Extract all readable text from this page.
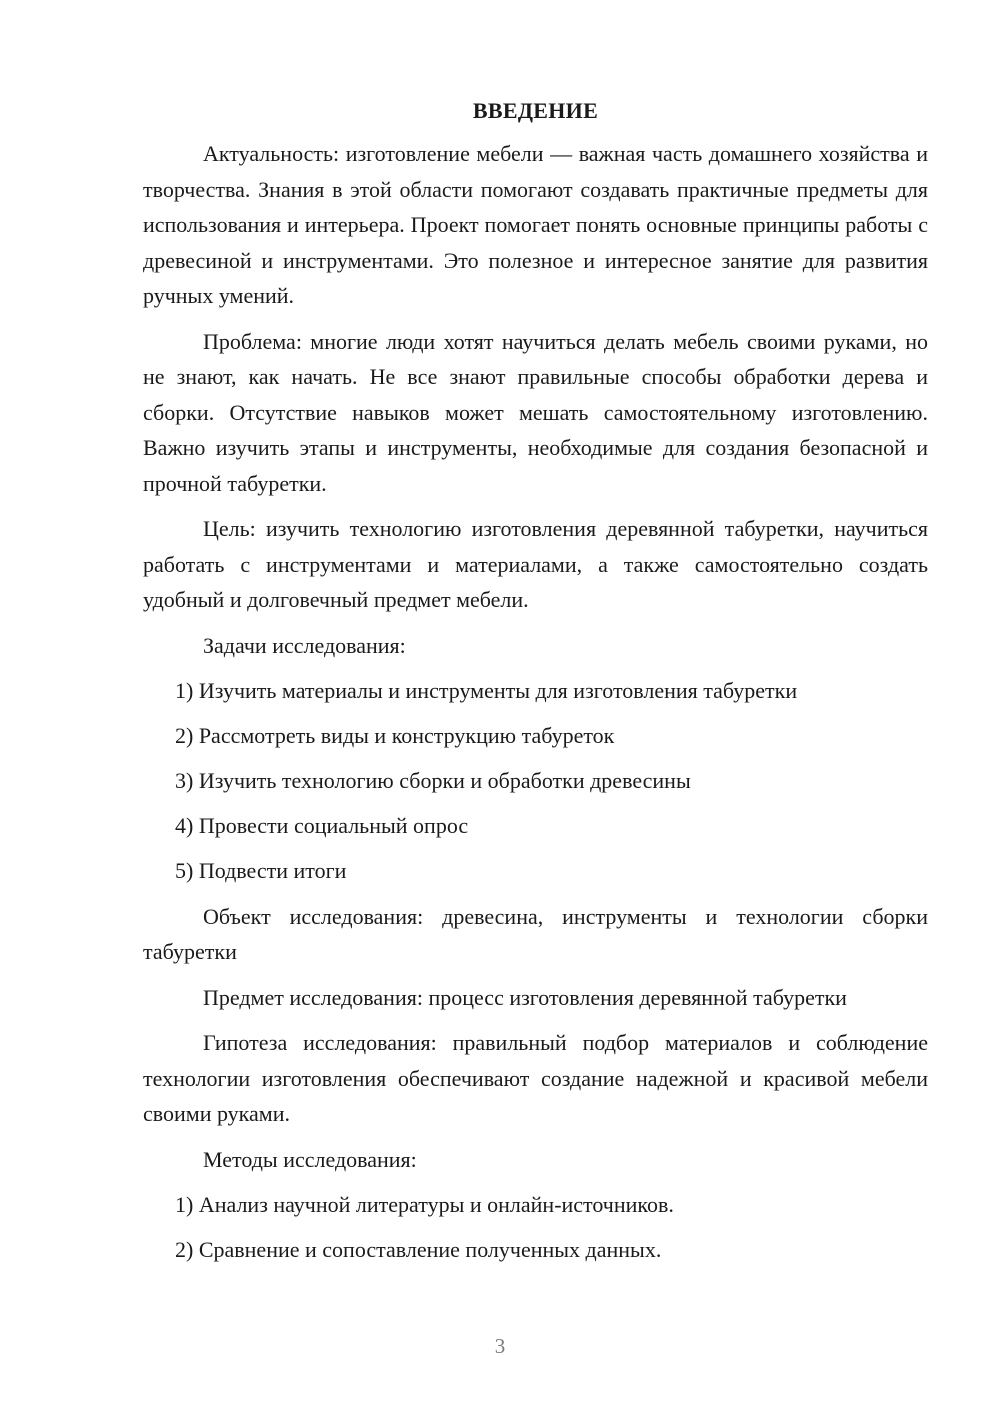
ВВЕДЕНИЕ

Актуальность: изготовление мебели — важная часть домашнего хозяйства и творчества. Знания в этой области помогают создавать практичные предметы для использования и интерьера. Проект помогает понять основные принципы работы с древесиной и инструментами. Это полезное и интересное занятие для развития ручных умений.

Проблема: многие люди хотят научиться делать мебель своими руками, но не знают, как начать. Не все знают правильные способы обработки дерева и сборки. Отсутствие навыков может мешать самостоятельному изготовлению. Важно изучить этапы и инструменты, необходимые для создания безопасной и прочной табуретки.

Цель: изучить технологию изготовления деревянной табуретки, научиться работать с инструментами и материалами, а также самостоятельно создать удобный и долговечный предмет мебели.

Задачи исследования:

1) Изучить материалы и инструменты для изготовления табуретки
2) Рассмотреть виды и конструкцию табуреток
3) Изучить технологию сборки и обработки древесины
4) Провести социальный опрос
5) Подвести итоги

Объект исследования: древесина, инструменты и технологии сборки табуретки

Предмет исследования: процесс изготовления деревянной табуретки

Гипотеза исследования: правильный подбор материалов и соблюдение технологии изготовления обеспечивают создание надежной и красивой мебели своими руками.

Методы исследования:

1) Анализ научной литературы и онлайн-источников.
2) Сравнение и сопоставление полученных данных.
3
